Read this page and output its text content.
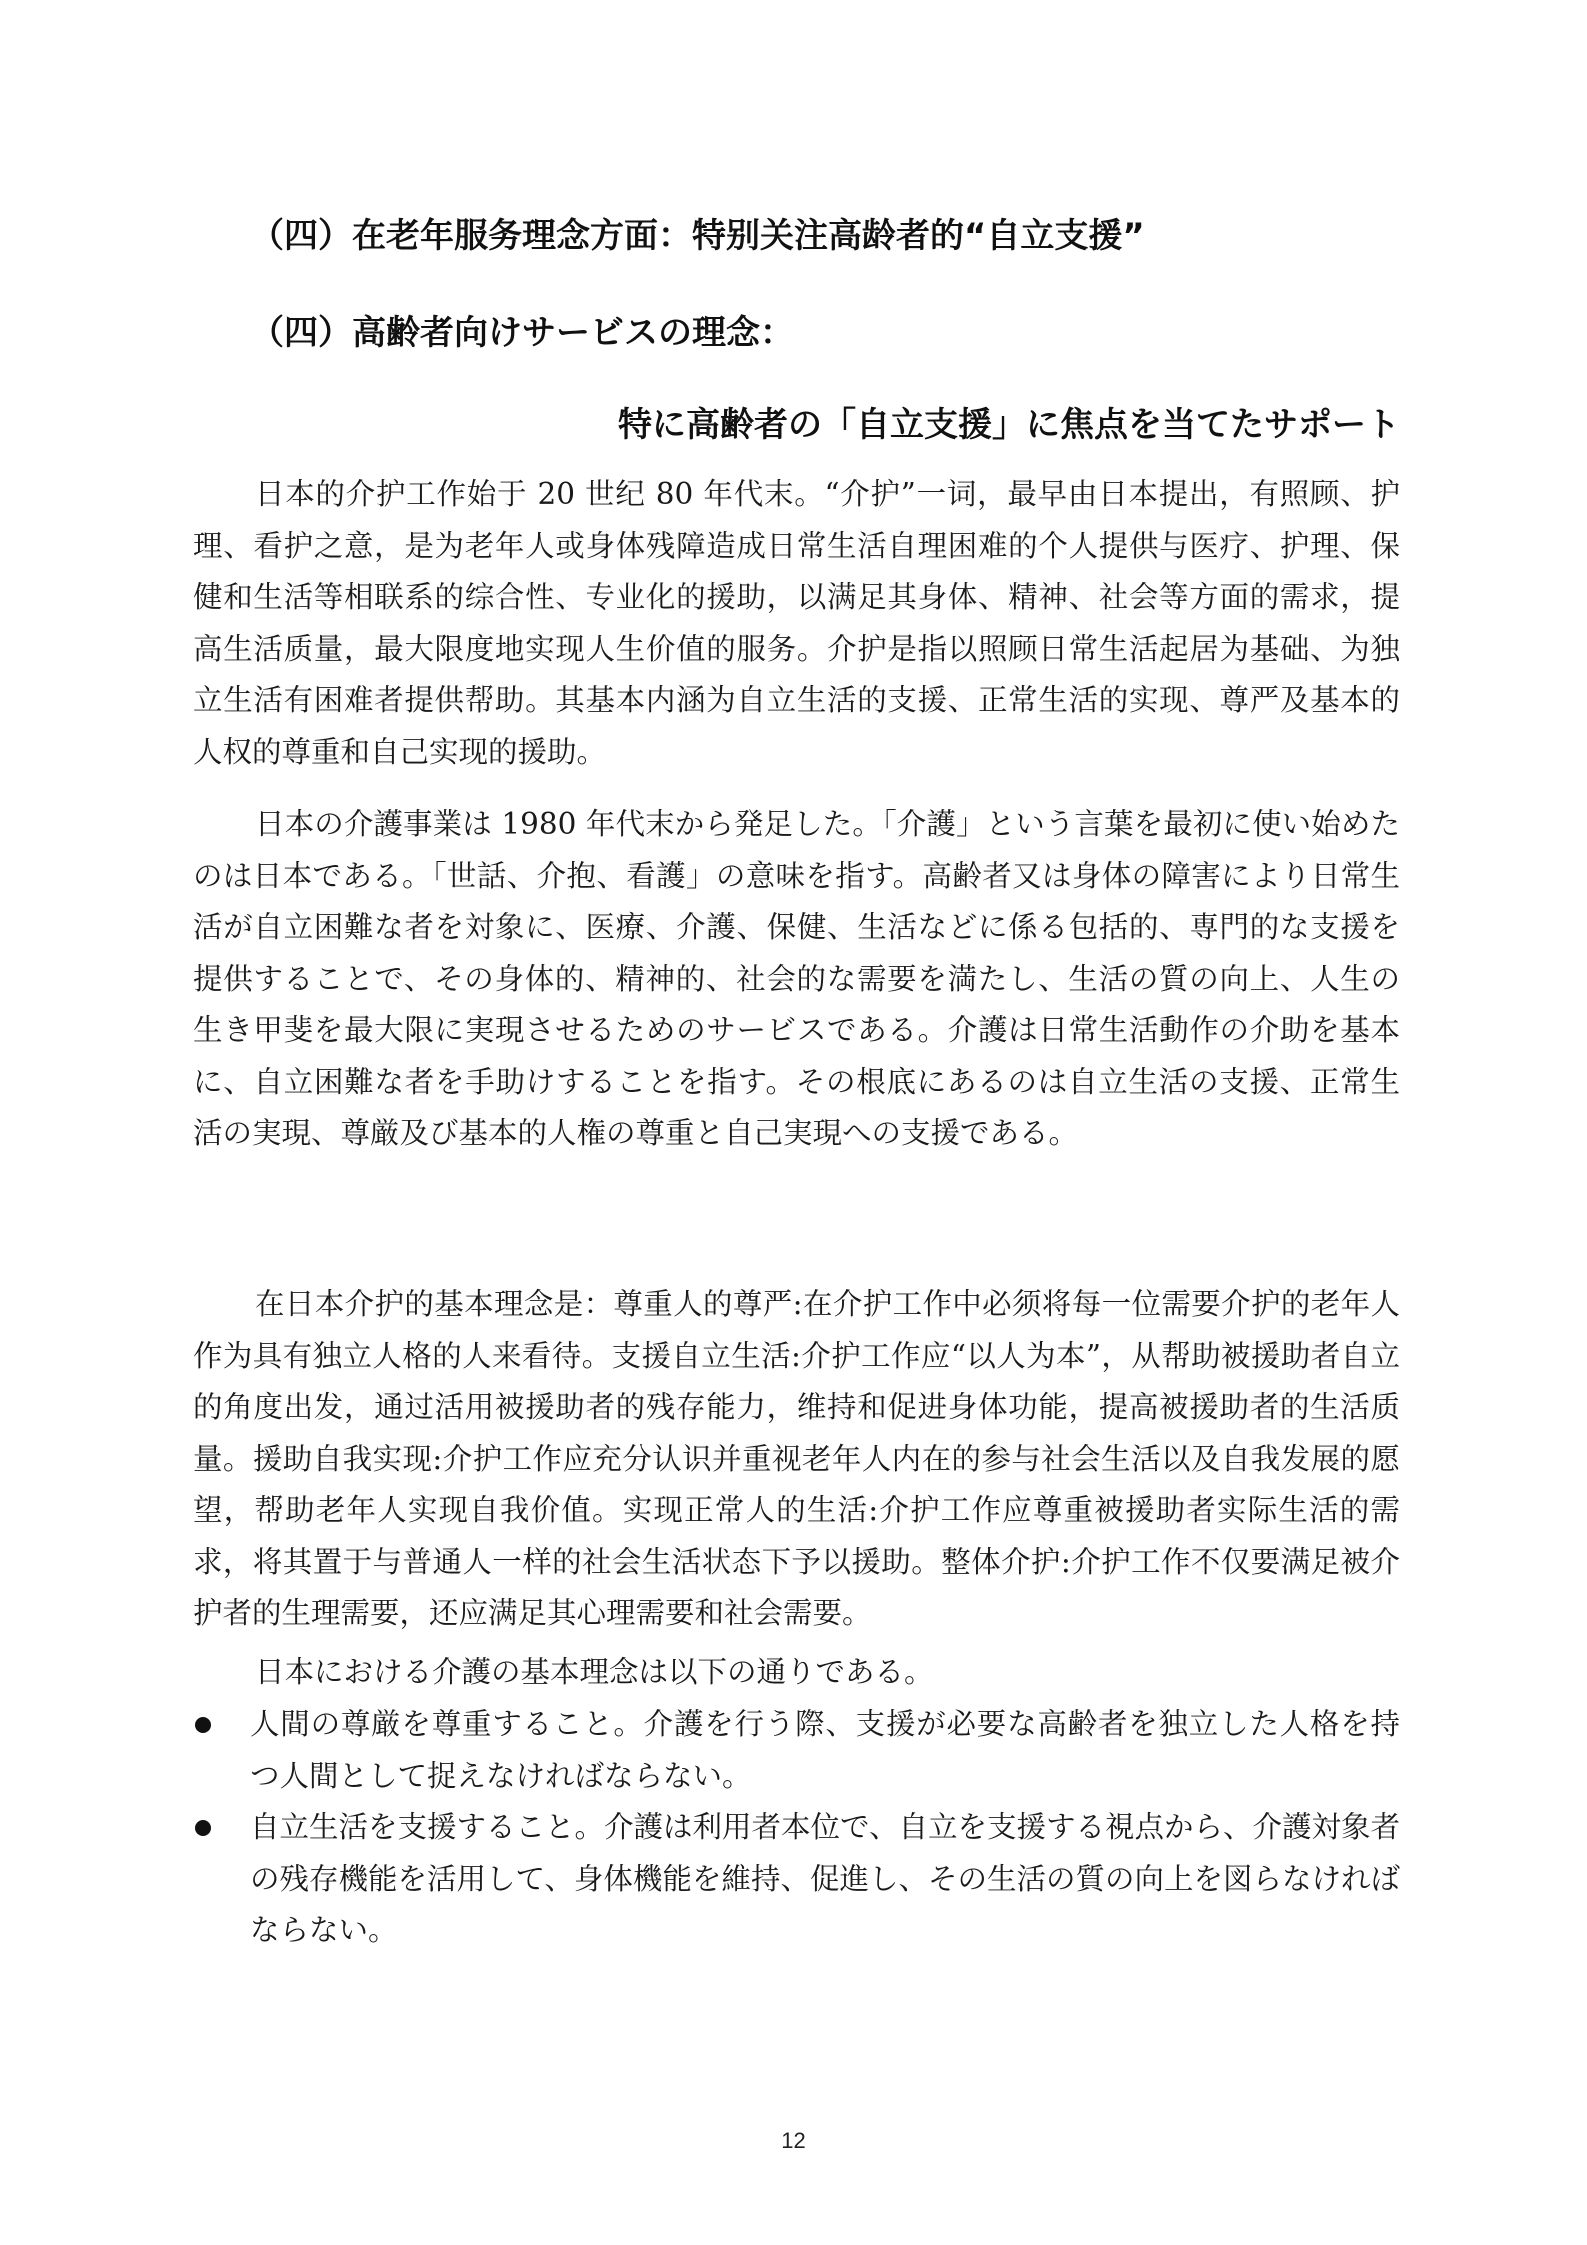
（四）在老年服务理念方面：特别关注高龄者的“自立支援”
（四）高齢者向けサービスの理念：
特に高齢者の「自立支援」に焦点を当てたサポート

日本的介护工作始于 20 世纪 80 年代末。“介护”一词，最早由日本提出，有照顾、护理、看护之意，是为老年人或身体残障造成日常生活自理困难的个人提供与医疗、护理、保健和生活等相联系的综合性、专业化的援助，以满足其身体、精神、社会等方面的需求，提高生活质量，最大限度地实现人生价值的服务。介护是指以照顾日常生活起居为基础、为独立生活有困难者提供帮助。其基本内涵为自立生活的支援、正常生活的实现、尊严及基本的人权的尊重和自己实现的援助。

日本の介護事業は 1980 年代末から発足した。「介護」という言葉を最初に使い始めたのは日本である。「世話、介抱、看護」の意味を指す。高齢者又は身体の障害により日常生活が自立困難な者を対象に、医療、介護、保健、生活などに係る包括的、専門的な支援を提供することで、その身体的、精神的、社会的な需要を満たし、生活の質の向上、人生の生き甲斐を最大限に実現させるためのサービスである。介護は日常生活動作の介助を基本に、自立困難な者を手助けすることを指す。その根底にあるのは自立生活の支援、正常生活の実現、尊厳及び基本的人権の尊重と自己実現への支援である。

在日本介护的基本理念是：尊重人的尊严:在介护工作中必须将每一位需要介护的老年人作为具有独立人格的人来看待。支援自立生活:介护工作应“以人为本”，从帮助被援助者自立的角度出发，通过活用被援助者的残存能力，维持和促进身体功能，提高被援助者的生活质量。援助自我实现:介护工作应充分认识并重视老年人内在的参与社会生活以及自我发展的愿望，帮助老年人实现自我价值。实现正常人的生活:介护工作应尊重被援助者实际生活的需求，将其置于与普通人一样的社会生活状态下予以援助。整体介护:介护工作不仅要满足被介护者的生理需要，还应满足其心理需要和社会需要。

日本における介護の基本理念は以下の通りである。

人間の尊厳を尊重すること。介護を行う際、支援が必要な高齢者を独立した人格を持つ人間として捉えなければならない。
自立生活を支援すること。介護は利用者本位で、自立を支援する視点から、介護対象者の残存機能を活用して、身体機能を維持、促進し、その生活の質の向上を図らなければならない。
12
